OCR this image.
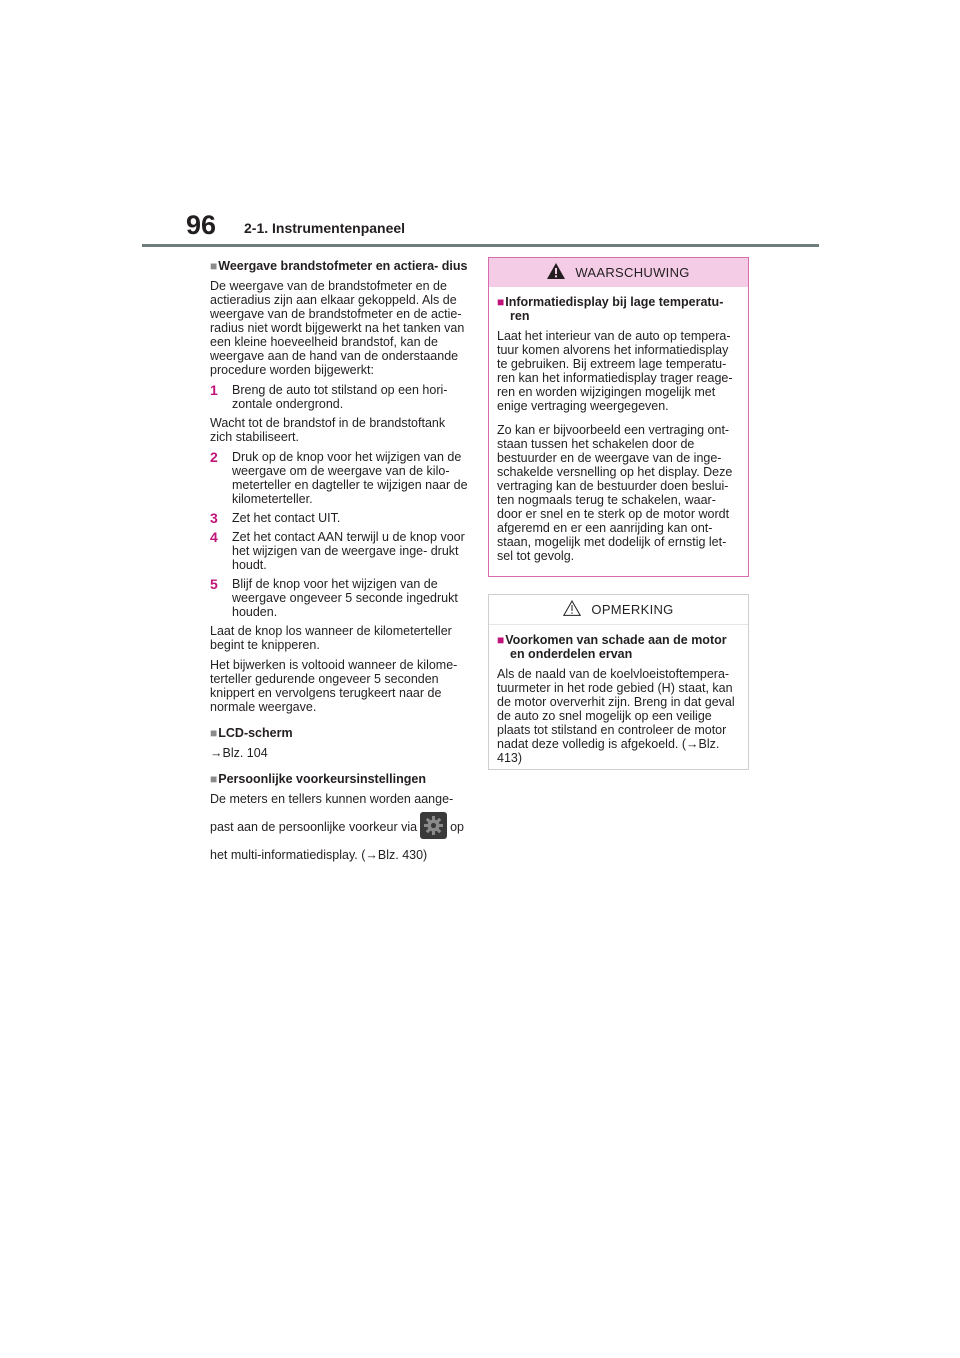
96 2-1. Instrumentenpaneel

■Weergave brandstofmeter en actiera- dius

De weergave van de brandstofmeter en de actieradius zijn aan elkaar gekoppeld. Als de weergave van de brandstofmeter en de actie- radius niet wordt bijgewerkt na het tanken van een kleine hoeveelheid brandstof, kan de weergave aan de hand van de onderstaande procedure worden bijgewerkt:

1	Breng de auto tot stilstand op een hori- zontale ondergrond.

Wacht tot de brandstof in de brandstoftank zich stabiliseert.

2	Druk op de knop voor het wijzigen van de weergave om de weergave van de kilo- meterteller en dagteller te wijzigen naar de kilometerteller.
3	Zet het contact UIT.
4	Zet het contact AAN terwijl u de knop voor het wijzigen van de weergave inge- drukt houdt.
5	Blijf de knop voor het wijzigen van de weergave ongeveer 5 seconde ingedrukt houden.

Laat de knop los wanneer de kilometerteller begint te knipperen.

Het bijwerken is voltooid wanneer de kilome- terteller gedurende ongeveer 5 seconden knippert en vervolgens terugkeert naar de normale weergave.

■LCD-scherm

→Blz. 104

■Persoonlijke voorkeursinstellingen

De meters en tellers kunnen worden aange-

past aan de persoonlijke voorkeur via	op

het multi-informatiedisplay. (→Blz. 430)

WAARSCHUWING

■Informatiedisplay bij lage temperatu- ren

Laat het interieur van de auto op tempera- tuur komen alvorens het informatiedisplay te gebruiken. Bij extreem lage temperatu- ren kan het informatiedisplay trager reage- ren en worden wijzigingen mogelijk met enige vertraging weergegeven.

Zo kan er bijvoorbeeld een vertraging ont- staan tussen het schakelen door de bestuurder en de weergave van de inge- schakelde versnelling op het display. Deze vertraging kan de bestuurder doen beslui- ten nogmaals terug te schakelen, waar- door er snel en te sterk op de motor wordt afgeremd en er een aanrijding kan ont- staan, mogelijk met dodelijk of ernstig let- sel tot gevolg.

OPMERKING

■Voorkomen van schade aan de motor en onderdelen ervan

Als de naald van de koelvloeistoftempera- tuurmeter in het rode gebied (H) staat, kan de motor oververhit zijn. Breng in dat geval de auto zo snel mogelijk op een veilige plaats tot stilstand en controleer de motor nadat deze volledig is afgekoeld. (→Blz. 413)
